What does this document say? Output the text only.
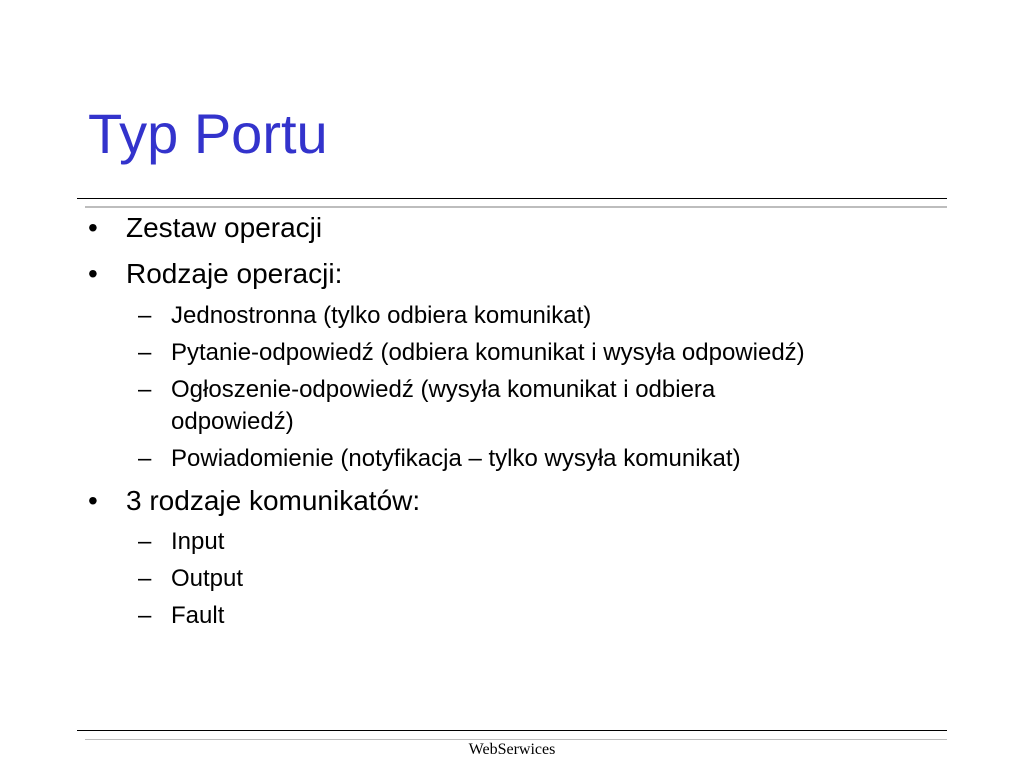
Typ Portu
• Zestaw operacji
• Rodzaje operacji:
– Jednostronna (tylko odbiera komunikat)
– Pytanie-odpowiedź (odbiera komunikat i wysyła odpowiedź)
– Ogłoszenie-odpowiedź (wysyła komunikat i odbiera
odpowiedź)
– Powiadomienie (notyfikacja – tylko wysyła komunikat)
• 3 rodzaje komunikatów:
– Input
– Output
– Fault
WebSerwices
